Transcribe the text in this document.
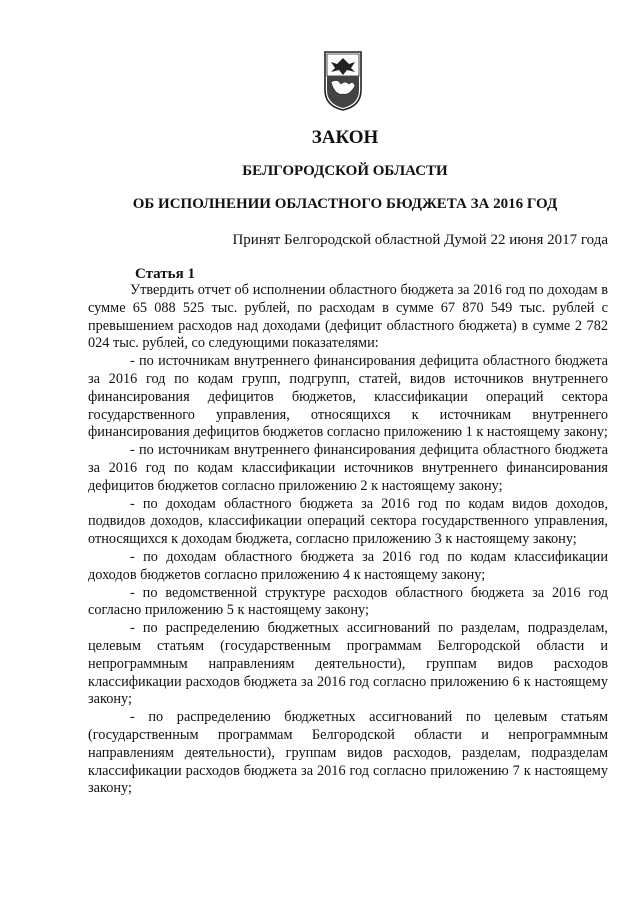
ЗАКОН
БЕЛГОРОДСКОЙ ОБЛАСТИ
ОБ ИСПОЛНЕНИИ ОБЛАСТНОГО БЮДЖЕТА ЗА 2016 ГОД
Принят Белгородской областной Думой 22 июня 2017 года
Статья 1

Утвердить отчет об исполнении областного бюджета за 2016 год по доходам в сумме 65 088 525 тыс. рублей, по расходам в сумме 67 870 549 тыс. рублей с превышением расходов над доходами (дефицит областного бюджета) в сумме 2 782 024 тыс. рублей, со следующими показателями:

- по источникам внутреннего финансирования дефицита областного бюджета за 2016 год по кодам групп, подгрупп, статей, видов источников внутреннего финансирования дефицитов бюджетов, классификации операций сектора государственного управления, относящихся к источникам внутреннего финансирования дефицитов бюджетов согласно приложению 1 к настоящему закону;

- по источникам внутреннего финансирования дефицита областного бюджета за 2016 год по кодам классификации источников внутреннего финансирования дефицитов бюджетов согласно приложению 2 к настоящему закону;

- по доходам областного бюджета за 2016 год по кодам видов доходов, подвидов доходов, классификации операций сектора государственного управления, относящихся к доходам бюджета, согласно приложению 3 к настоящему закону;

- по доходам областного бюджета за 2016 год по кодам классификации доходов бюджетов согласно приложению 4 к настоящему закону;

- по ведомственной структуре расходов областного бюджета за 2016 год согласно приложению 5 к настоящему закону;

- по распределению бюджетных ассигнований по разделам, подразделам, целевым статьям (государственным программам Белгородской области и непрограммным направлениям деятельности), группам видов расходов классификации расходов бюджета за 2016 год согласно приложению 6 к настоящему закону;

- по распределению бюджетных ассигнований по целевым статьям (государственным программам Белгородской области и непрограммным направлениям деятельности), группам видов расходов, разделам, подразделам классификации расходов бюджета за 2016 год согласно приложению 7 к настоящему закону;
